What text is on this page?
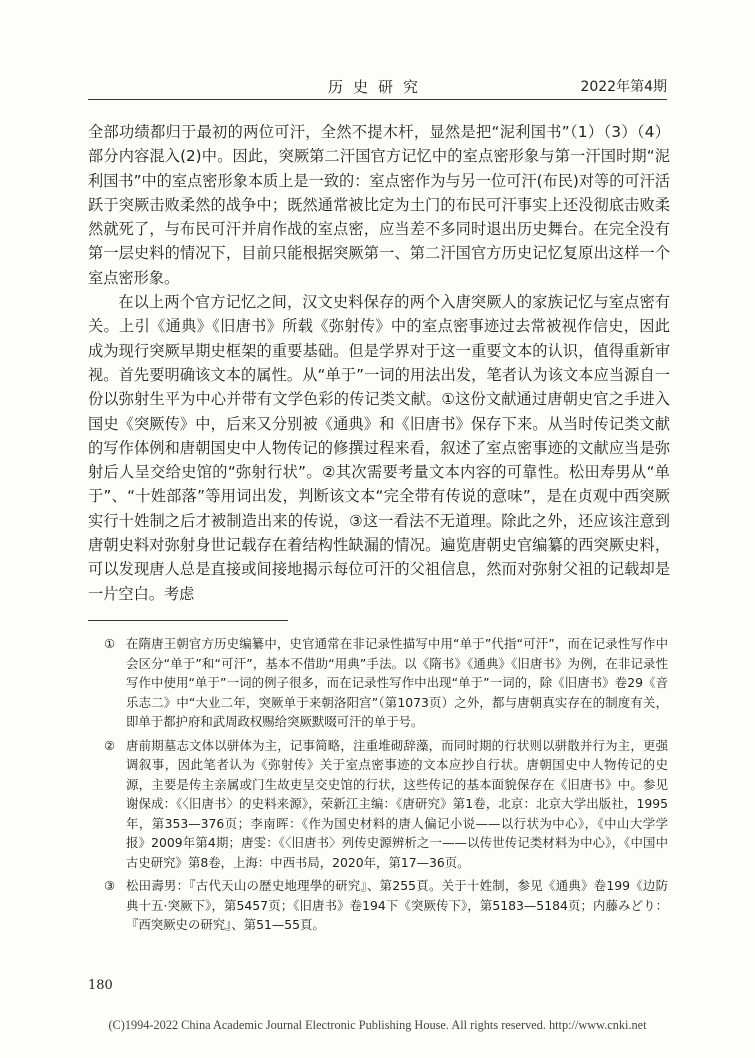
历史研究	2022年第4期

全部功绩都归于最初的两位可汗，全然不提木杆，显然是把“泥利国书”（1）（3）（4）部分内容混入(2)中。因此，突厥第二汗国官方记忆中的室点密形象与第一汗国时期“泥利国书”中的室点密形象本质上是一致的：室点密作为与另一位可汗(布民)对等的可汗活跃于突厥击败柔然的战争中；既然通常被比定为土门的布民可汗事实上还没彻底击败柔然就死了，与布民可汗并肩作战的室点密，应当差不多同时退出历史舞台。在完全没有第一层史料的情况下，目前只能根据突厥第一、第二汗国官方历史记忆复原出这样一个室点密形象。

在以上两个官方记忆之间，汉文史料保存的两个入唐突厥人的家族记忆与室点密有关。上引《通典》《旧唐书》所载《弥射传》中的室点密事迹过去常被视作信史，因此成为现行突厥早期史框架的重要基础。但是学界对于这一重要文本的认识，值得重新审视。首先要明确该文本的属性。从“单于”一词的用法出发，笔者认为该文本应当源自一份以弥射生平为中心并带有文学色彩的传记类文献。①这份文献通过唐朝史官之手进入国史《突厥传》中，后来又分别被《通典》和《旧唐书》保存下来。从当时传记类文献的写作体例和唐朝国史中人物传记的修撰过程来看，叙述了室点密事迹的文献应当是弥射后人呈交给史馆的“弥射行状”。②其次需要考量文本内容的可靠性。松田寿男从“单于”、“十姓部落”等用词出发，判断该文本“完全带有传说的意味”，是在贞观中西突厥实行十姓制之后才被制造出来的传说，③这一看法不无道理。除此之外，还应该注意到唐朝史料对弥射身世记载存在着结构性缺漏的情况。遍览唐朝史官编纂的西突厥史料，可以发现唐人总是直接或间接地揭示每位可汗的父祖信息，然而对弥射父祖的记载却是一片空白。考虑

① 在隋唐王朝官方历史编纂中，史官通常在非记录性描写中用“单于”代指“可汗”，而在记录性写作中会区分“单于”和“可汗”，基本不借助“用典”手法。以《隋书》《通典》《旧唐书》为例，在非记录性写作中使用“单于”一词的例子很多，而在记录性写作中出现“单于”一词的，除《旧唐书》卷29《音乐志二》中“大业二年，突厥单于来朝洛阳宫”（第1073页）之外，都与唐朝真实存在的制度有关，即单于都护府和武周政权赐给突厥默啜可汗的单于号。
② 唐前期墓志文体以骈体为主，记事简略，注重堆砌辞藻，而同时期的行状则以骈散并行为主，更强调叙事，因此笔者认为《弥射传》关于室点密事迹的文本应抄自行状。唐朝国史中人物传记的史源，主要是传主亲属或门生故吏呈交史馆的行状，这些传记的基本面貌保存在《旧唐书》中。参见谢保成：《〈旧唐书〉的史料来源》，荣新江主编：《唐研究》第1卷，北京：北京大学出版社，1995年，第353—376页；李南晖：《作为国史材料的唐人偏记小说——以行状为中心》，《中山大学学报》2009年第4期；唐雯：《〈旧唐书〉列传史源辨析之一——以传世传记类材料为中心》，《中国中古史研究》第8卷，上海：中西书局，2020年，第17—36页。
③ 松田壽男：『古代天山の歴史地理學的研究』、第255頁。关于十姓制，参见《通典》卷199《边防典十五·突厥下》，第5457页；《旧唐书》卷194下《突厥传下》，第5183—5184页；内藤みどり：『西突厥史の研究』、第51—55頁。
180
(C)1994-2022 China Academic Journal Electronic Publishing House. All rights reserved. http://www.cnki.net
